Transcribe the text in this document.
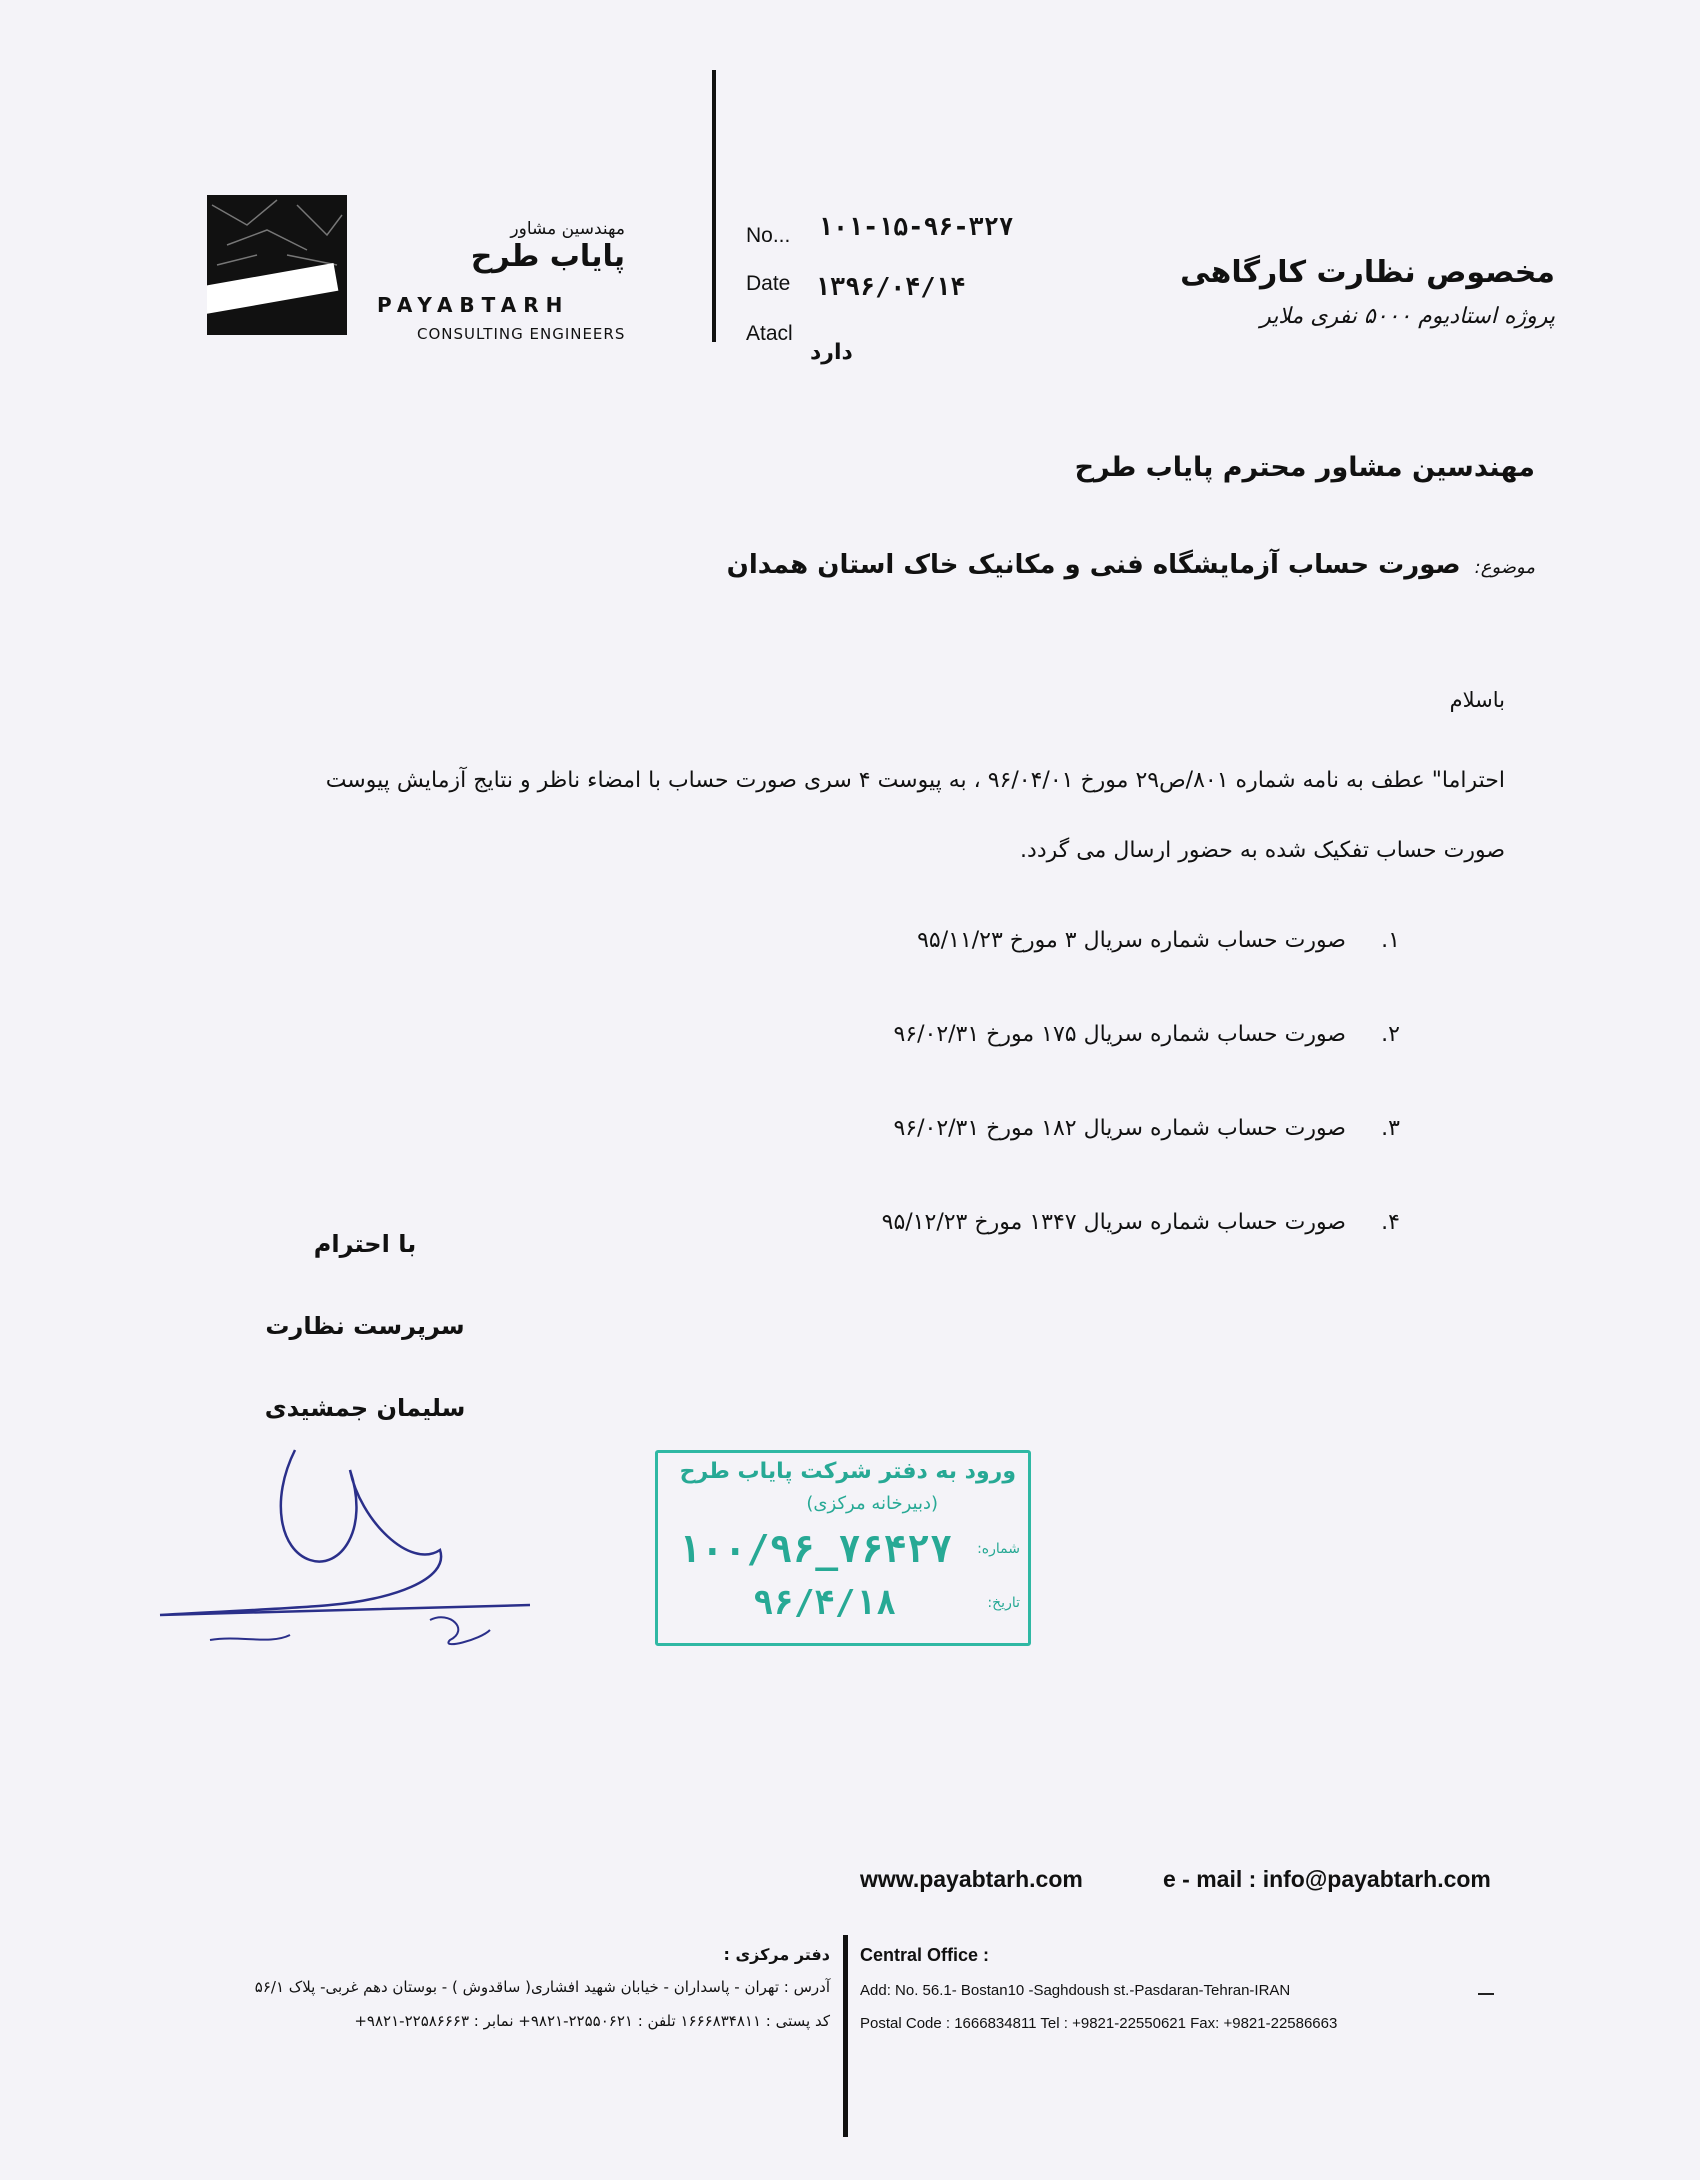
مهندسین مشاور
پایاب طرح
PAYABTARH
CONSULTING ENGINEERS
No... ۱۰۱-۱۵-۹۶-۳۲۷
Date ۱۳۹۶/۰۴/۱۴
Atacl
دارد
مخصوص نظارت کارگاهی
پروژه استادیوم ۵۰۰۰ نفری ملایر
مهندسین مشاور محترم پایاب طرح
موضوع:
صورت حساب آزمایشگاه فنی و مکانیک خاک استان همدان
باسلام
احتراما" عطف به نامه شماره ۸۰۱/ص۲۹ مورخ ۹۶/۰۴/۰۱ ، به پیوست ۴ سری صورت حساب با امضاء ناظر و نتایج آزمایش پیوست
صورت حساب تفکیک شده به حضور ارسال می گردد.
۱.
صورت حساب شماره سریال ۳ مورخ ۹۵/۱۱/۲۳
۲.
صورت حساب شماره سریال ۱۷۵ مورخ ۹۶/۰۲/۳۱
۳.
صورت حساب شماره سریال ۱۸۲ مورخ ۹۶/۰۲/۳۱
۴.
صورت حساب شماره سریال ۱۳۴۷ مورخ ۹۵/۱۲/۲۳
با احترام
سرپرست نظارت
سلیمان جمشیدی
ورود به دفتر شرکت پایاب طرح
(دبیرخانه مرکزی)
شماره:
۱۰۰/۹۶_۷۶۴۲۷
تاریخ:
۹۶/۴/۱۸
www.payabtarh.com	e - mail : info@payabtarh.com
Central Office :
Add: No. 56.1- Bostan10 -Saghdoush st.-Pasdaran-Tehran-IRAN
Postal Code : 1666834811 Tel : +9821-22550621 Fax: +9821-22586663
دفتر مرکزی :
آدرس : تهران - پاسداران - خیابان شهید افشاری( ساقدوش ) - بوستان دهم غربی- پلاک ۵۶/۱
کد پستی : ۱۶۶۶۸۳۴۸۱۱ تلفن : ۲۲۵۵۰۶۲۱-۹۸۲۱+ نمابر : ۲۲۵۸۶۶۶۳-۹۸۲۱+
